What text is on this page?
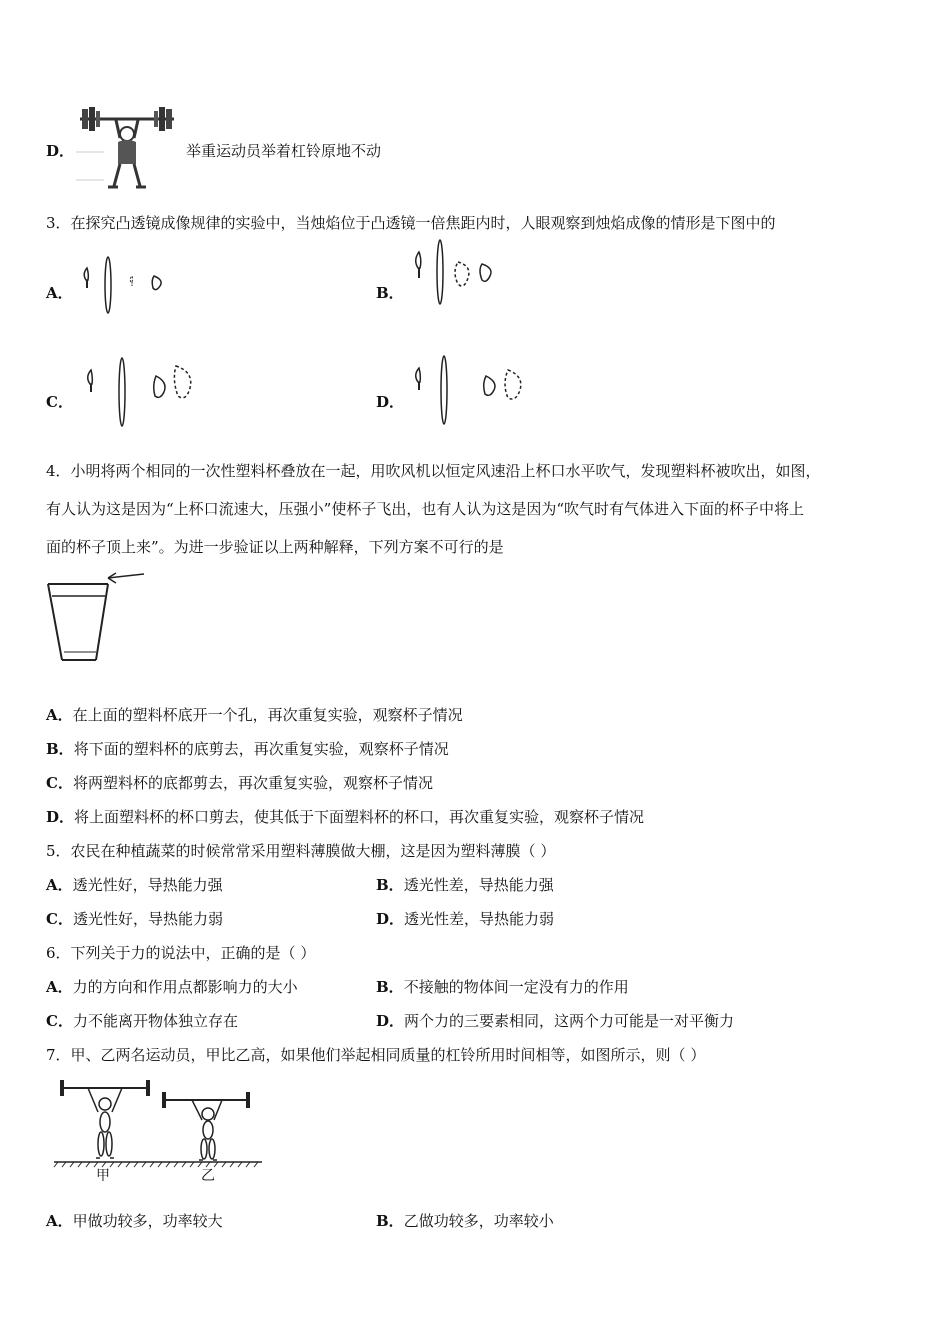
D．	举重运动员举着杠铃原地不动
3．在探究凸透镜成像规律的实验中，当烛焰位于凸透镜一倍焦距内时，人眼观察到烛焰成像的情形是下图中的
A．	B．
C．	D．
4．小明将两个相同的一次性塑料杯叠放在一起，用吹风机以恒定风速沿上杯口水平吹气，发现塑料杯被吹出，如图，
有人认为这是因为“上杯口流速大，压强小”使杯子飞出，也有人认为这是因为“吹气时有气体进入下面的杯子中将上
面的杯子顶上来”。为进一步验证以上两种解释，下列方案不可行的是
A．在上面的塑料杯底开一个孔，再次重复实验，观察杯子情况
B．将下面的塑料杯的底剪去，再次重复实验，观察杯子情况
C．将两塑料杯的底都剪去，再次重复实验，观察杯子情况
D．将上面塑料杯的杯口剪去，使其低于下面塑料杯的杯口，再次重复实验，观察杯子情况
5．农民在种植蔬菜的时候常常采用塑料薄膜做大棚，这是因为塑料薄膜（ ）
A．透光性好，导热能力强	B．透光性差，导热能力强
C．透光性好，导热能力弱	D．透光性差，导热能力弱
6．下列关于力的说法中，正确的是（ ）
A．力的方向和作用点都影响力的大小	B．不接触的物体间一定没有力的作用
C．力不能离开物体独立存在	D．两个力的三要素相同，这两个力可能是一对平衡力
7．甲、乙两名运动员，甲比乙高，如果他们举起相同质量的杠铃所用时间相等，如图所示，则（ ）
甲	乙
A．甲做功较多，功率较大	B．乙做功较多，功率较小
